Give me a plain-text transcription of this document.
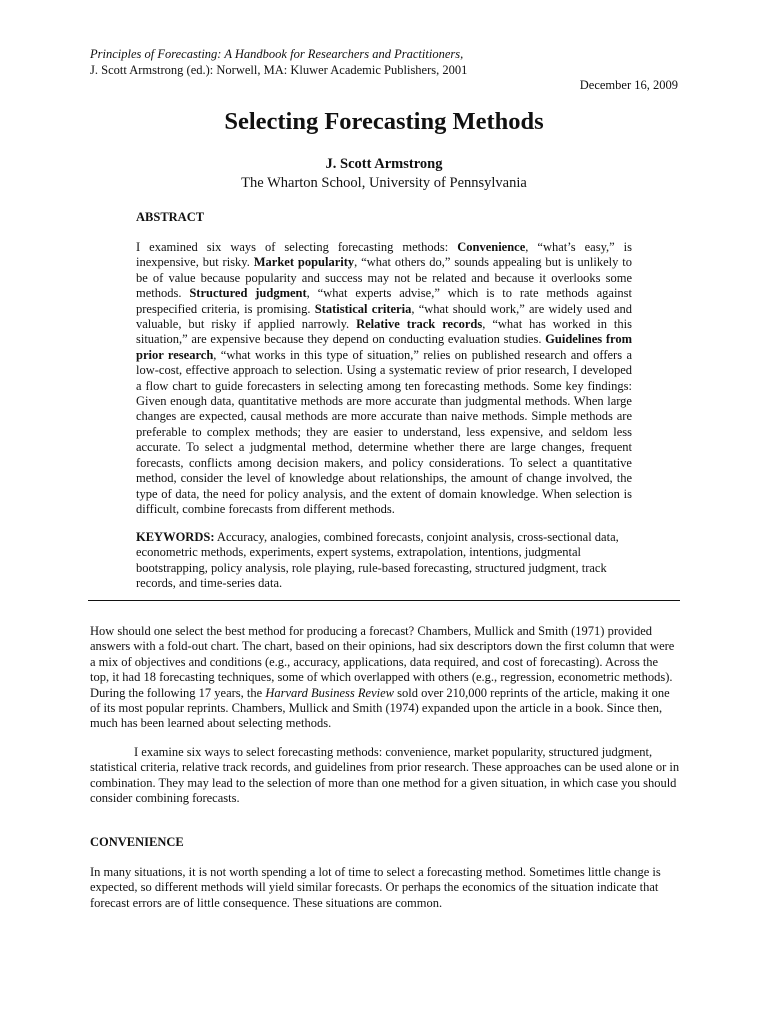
Principles of Forecasting: A Handbook for Researchers and Practitioners,
J. Scott Armstrong (ed.): Norwell, MA: Kluwer Academic Publishers, 2001
December 16, 2009
Selecting Forecasting Methods
J. Scott Armstrong
The Wharton School, University of Pennsylvania
ABSTRACT
I examined six ways of selecting forecasting methods: Convenience, “what’s easy,” is inexpensive, but risky. Market popularity, “what others do,” sounds appealing but is unlikely to be of value because popularity and success may not be related and because it overlooks some methods. Structured judgment, “what experts advise,” which is to rate methods against prespecified criteria, is promising. Statistical criteria, “what should work,” are widely used and valuable, but risky if applied narrowly. Relative track records, “what has worked in this situation,” are expensive because they depend on conducting evaluation studies. Guidelines from prior research, “what works in this type of situation,” relies on published research and offers a low-cost, effective approach to selection. Using a systematic review of prior research, I developed a flow chart to guide forecasters in selecting among ten forecasting methods. Some key findings: Given enough data, quantitative methods are more accurate than judgmental methods. When large changes are expected, causal methods are more accurate than naive methods. Simple methods are preferable to complex methods; they are easier to understand, less expensive, and seldom less accurate. To select a judgmental method, determine whether there are large changes, frequent forecasts, conflicts among decision makers, and policy considerations. To select a quantitative method, consider the level of knowledge about relationships, the amount of change involved, the type of data, the need for policy analysis, and the extent of domain knowledge. When selection is difficult, combine forecasts from different methods.
KEYWORDS: Accuracy, analogies, combined forecasts, conjoint analysis, cross-sectional data, econometric methods, experiments, expert systems, extrapolation, intentions, judgmental bootstrapping, policy analysis, role playing, rule-based forecasting, structured judgment, track records, and time-series data.
How should one select the best method for producing a forecast? Chambers, Mullick and Smith (1971) provided answers with a fold-out chart. The chart, based on their opinions, had six descriptors down the first column that were a mix of objectives and conditions (e.g., accuracy, applications, data required, and cost of forecasting). Across the top, it had 18 forecasting techniques, some of which overlapped with others (e.g., regression, econometric methods). During the following 17 years, the Harvard Business Review sold over 210,000 reprints of the article, making it one of its most popular reprints. Chambers, Mullick and Smith (1974) expanded upon the article in a book. Since then, much has been learned about selecting methods.
I examine six ways to select forecasting methods: convenience, market popularity, structured judgment, statistical criteria, relative track records, and guidelines from prior research. These approaches can be used alone or in combination. They may lead to the selection of more than one method for a given situation, in which case you should consider combining forecasts.
CONVENIENCE
In many situations, it is not worth spending a lot of time to select a forecasting method. Sometimes little change is expected, so different methods will yield similar forecasts. Or perhaps the economics of the situation indicate that forecast errors are of little consequence. These situations are common.
